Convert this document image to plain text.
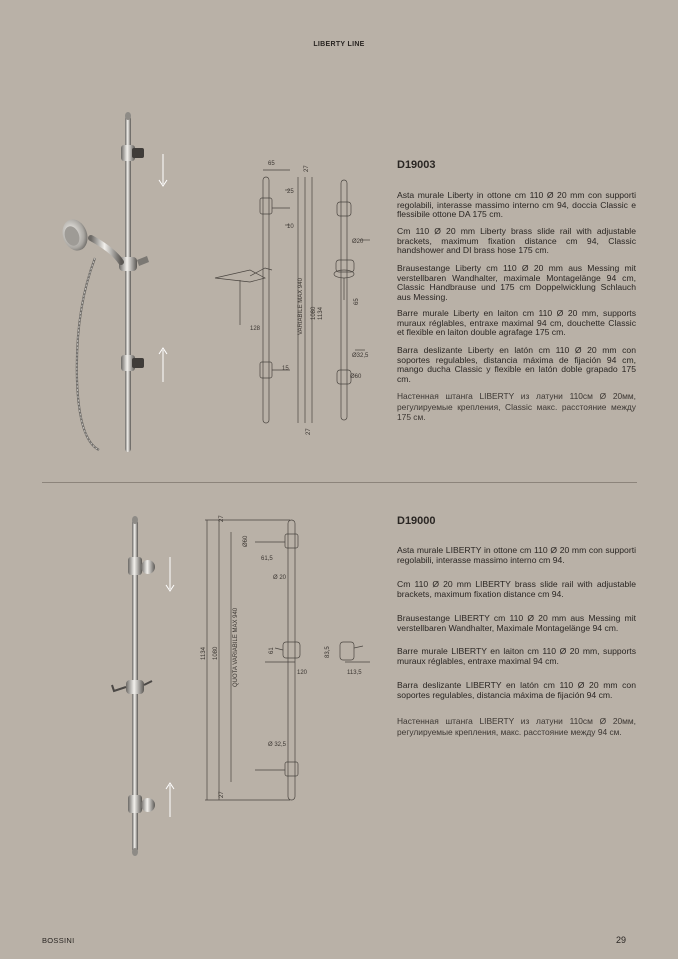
LIBERTY LINE
65
27
25
10
Ø20
128	VARIABILE MAX 940 1080 1134
65
15
Ø32,5
Ø60
27
D19003

Asta murale Liberty in ottone cm 110 Ø 20 mm con supporti regolabili, interasse massimo interno cm 94, doccia Classic e flessibile ottone DA 175 cm.

Cm 110 Ø 20 mm Liberty brass slide rail with adjustable brackets, maximum fixation distance cm 94, Classic handshower and DI brass hose 175 cm.

Brausestange Liberty cm 110 Ø 20 mm aus Messing mit verstellbaren Wandhalter, maximale Montagelänge 94 cm, Classic Handbrause und 175 cm Doppelwicklung Schlauch aus Messing.

Barre murale Liberty en laiton cm 110 Ø 20 mm, supports muraux réglables, entraxe maximal 94 cm, douchette Classic et flexible en laiton double agrafage 175 cm.

Barra deslizante Liberty en latón cm 110 Ø 20 mm con soportes regulables, distancia máxima de fijación 94 cm, mango ducha Classic y flexible en latón doble grapado 175 cm.

Настенная штанга LIBERTY из латуни 110см Ø 20мм, регулируемые крепления, Classic макс. расстояние между 175 см.

27
Ø60
61,5
Ø 20
1134 1080 QUOTA VARIABILE MAX 940	61
120
83,5
113,5
Ø 32,5
27
D19000

Asta murale LIBERTY in ottone cm 110 Ø 20 mm con supporti regolabili, interasse massimo interno cm 94.

Cm 110 Ø 20 mm LIBERTY brass slide rail with adjustable brackets, maximum fixation distance cm 94.

Brausestange LIBERTY cm 110 Ø 20 mm aus Messing mit verstellbaren Wandhalter, Maximale Montagelänge 94 cm.

Barre murale LIBERTY en laiton cm 110 Ø 20 mm, supports muraux réglables, entraxe maximal 94 cm.

Barra deslizante LIBERTY en latón cm 110 Ø 20 mm con soportes regulables, distancia máxima de fijación 94 cm.

Настенная штанга LIBERTY из латуни 110см Ø 20мм, регулируемые крепления, макс. расстояние между 94 см.

BOSSINI	29
